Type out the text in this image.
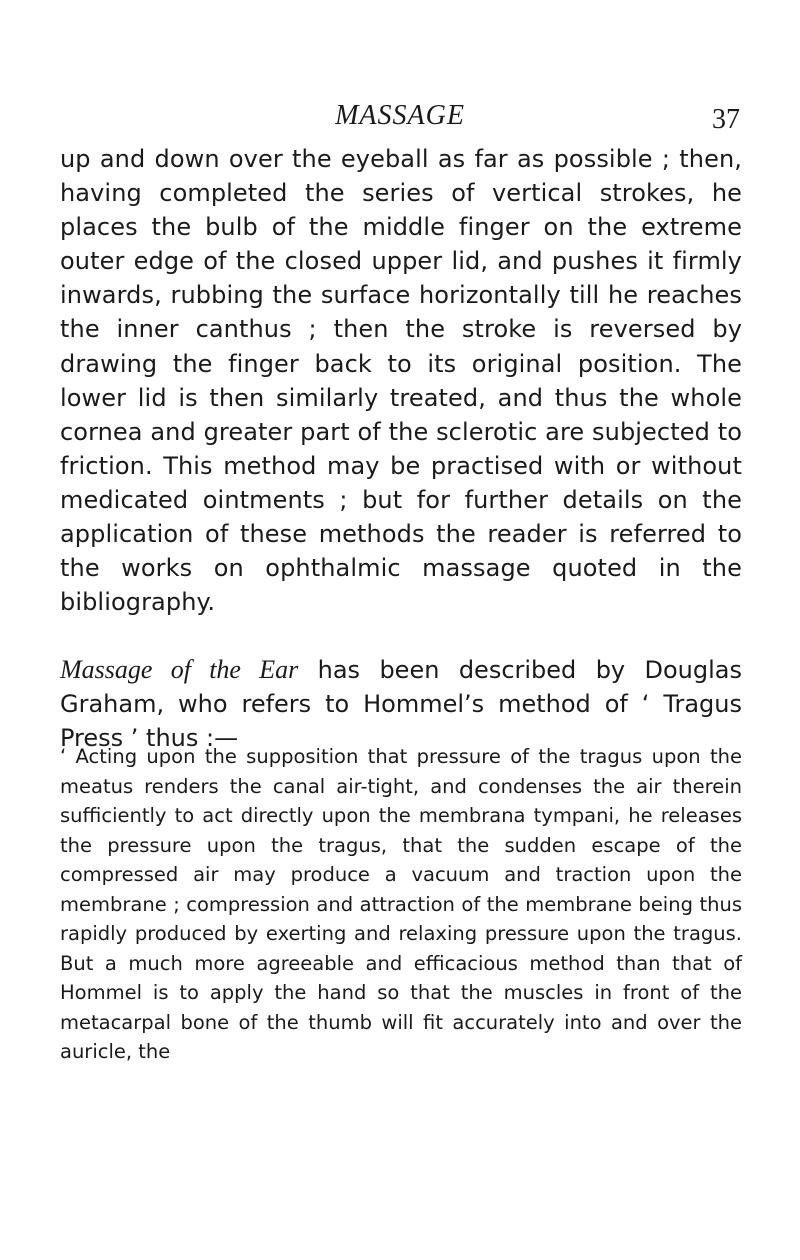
MASSAGE	37

up and down over the eyeball as far as possible ; then, having completed the series of vertical strokes, he places the bulb of the middle finger on the extreme outer edge of the closed upper lid, and pushes it firmly inwards, rubbing the surface horizontally till he reaches the inner canthus ; then the stroke is reversed by drawing the finger back to its original position. The lower lid is then similarly treated, and thus the whole cornea and greater part of the sclerotic are subjected to friction. This method may be practised with or without medicated ointments ; but for further details on the application of these methods the reader is referred to the works on ophthalmic massage quoted in the bibliography.

Massage of the Ear has been described by Douglas Graham, who refers to Hommel’s method of ‘ Tragus Press ’ thus :—

‘ Acting upon the supposition that pressure of the tragus upon the meatus renders the canal air-tight, and condenses the air therein sufficiently to act directly upon the membrana tympani, he releases the pressure upon the tragus, that the sudden escape of the compressed air may produce a vacuum and traction upon the membrane ; compression and attraction of the membrane being thus rapidly produced by exerting and relaxing pressure upon the tragus. But a much more agreeable and efficacious method than that of Hommel is to apply the hand so that the muscles in front of the metacarpal bone of the thumb will fit accurately into and over the auricle, the
